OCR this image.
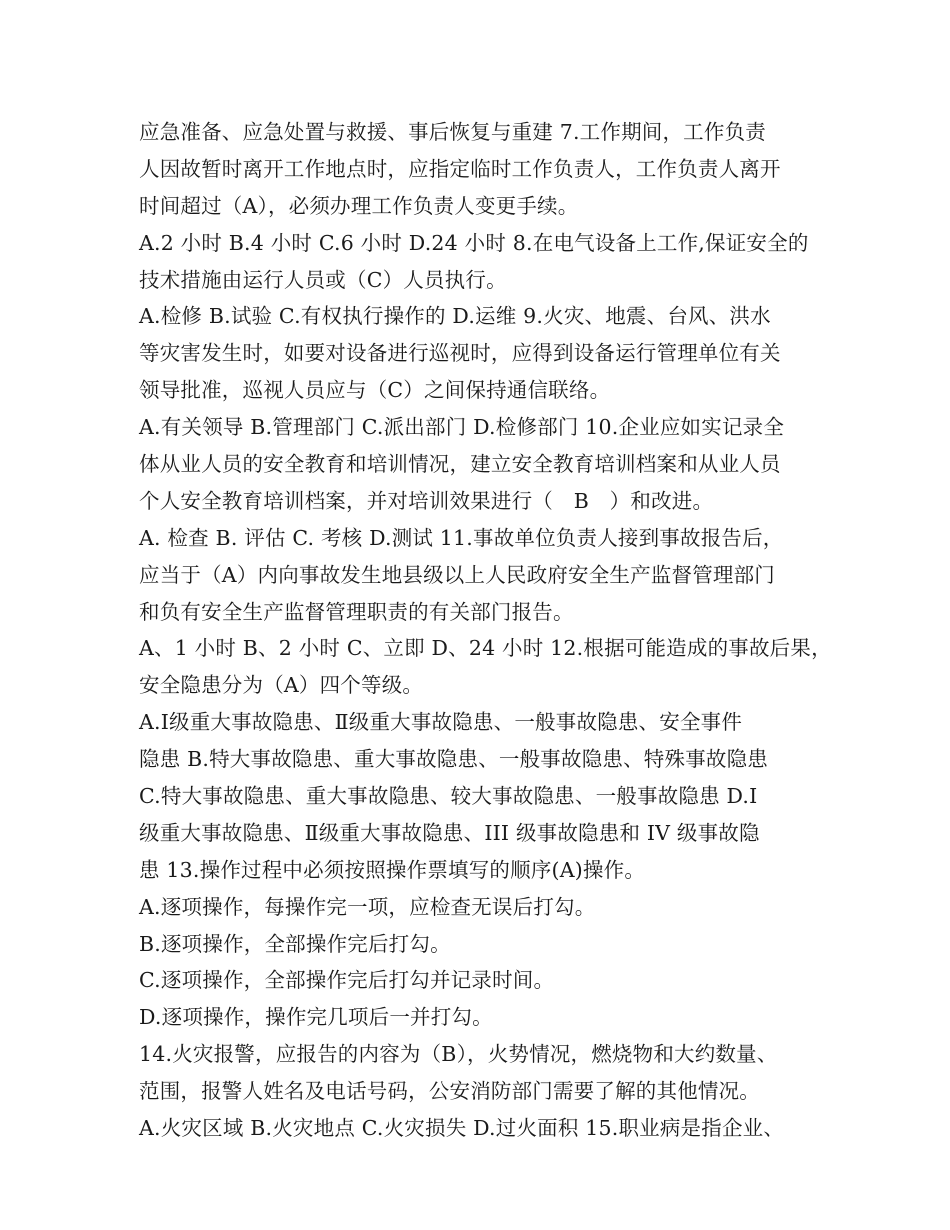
应急准备、应急处置与救援、事后恢复与重建 7.工作期间，工作负责
人因故暂时离开工作地点时，应指定临时工作负责人，工作负责人离开
时间超过（A），必须办理工作负责人变更手续。
A.2 小时 B.4 小时 C.6 小时 D.24 小时 8.在电气设备上工作,保证安全的
技术措施由运行人员或（C）人员执行。
A.检修 B.试验 C.有权执行操作的 D.运维 9.火灾、地震、台风、洪水
等灾害发生时，如要对设备进行巡视时，应得到设备运行管理单位有关
领导批准，巡视人员应与（C）之间保持通信联络。
A.有关领导 B.管理部门 C.派出部门 D.检修部门 10.企业应如实记录全
体从业人员的安全教育和培训情况，建立安全教育培训档案和从业人员
个人安全教育培训档案，并对培训效果进行（　B　）和改进。
A. 检查 B. 评估 C. 考核 D.测试 11.事故单位负责人接到事故报告后，
应当于（A）内向事故发生地县级以上人民政府安全生产监督管理部门
和负有安全生产监督管理职责的有关部门报告。
A、1 小时 B、2 小时 C、立即 D、24 小时 12.根据可能造成的事故后果，
安全隐患分为（A）四个等级。
A.Ⅰ级重大事故隐患、Ⅱ级重大事故隐患、一般事故隐患、安全事件
隐患 B.特大事故隐患、重大事故隐患、一般事故隐患、特殊事故隐患
C.特大事故隐患、重大事故隐患、较大事故隐患、一般事故隐患 D.Ⅰ
级重大事故隐患、Ⅱ级重大事故隐患、III 级事故隐患和 IV 级事故隐
患 13.操作过程中必须按照操作票填写的顺序(A)操作。
A.逐项操作，每操作完一项，应检查无误后打勾。
B.逐项操作，全部操作完后打勾。
C.逐项操作，全部操作完后打勾并记录时间。
D.逐项操作，操作完几项后一并打勾。
14.火灾报警，应报告的内容为（B），火势情况，燃烧物和大约数量、
范围，报警人姓名及电话号码，公安消防部门需要了解的其他情况。
A.火灾区域 B.火灾地点 C.火灾损失 D.过火面积 15.职业病是指企业、
